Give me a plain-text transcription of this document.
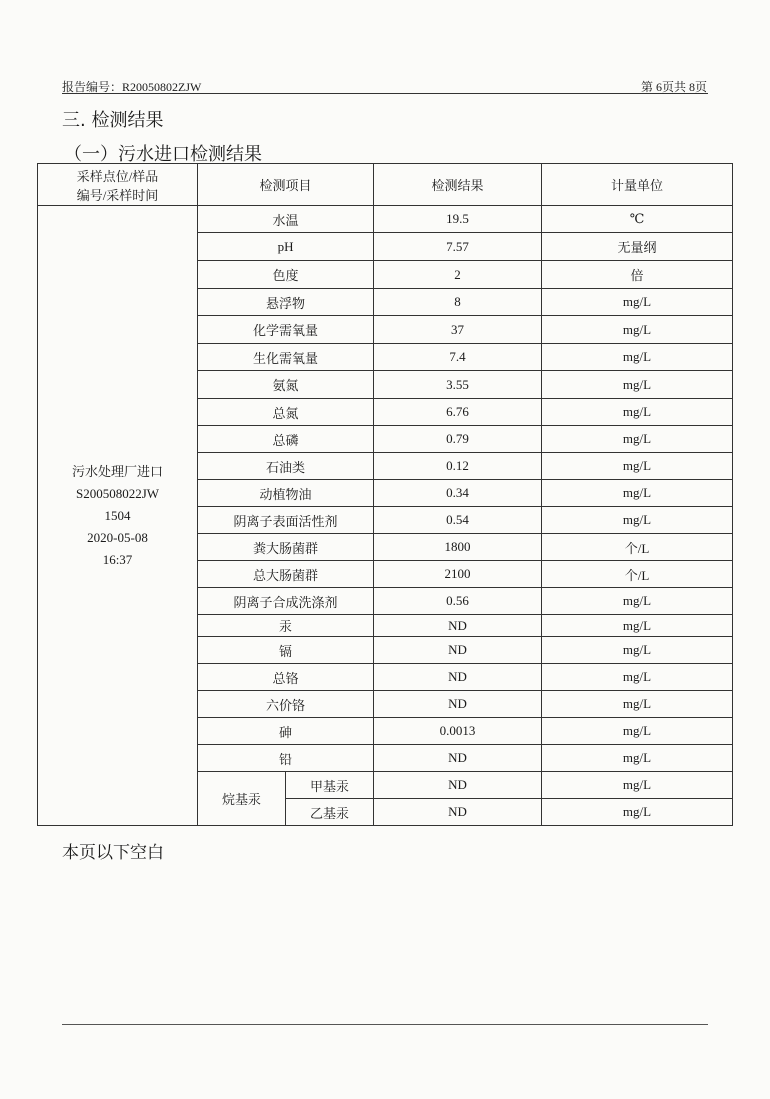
报告编号：R20050802ZJW	第 6页共 8页
三. 检测结果
（一）污水进口检测结果
采样点位/样品
编号/采样时间	检测项目		检测结果	计量单位

污水处理厂进口
S200508022JW
1504
2020-05-08
16:37	水温		19.5	℃
	pH		7.57	无量纲
	色度		2	倍
	悬浮物		8	mg/L
	化学需氧量		37	mg/L
	生化需氧量		7.4	mg/L
	氨氮		3.55	mg/L
	总氮		6.76	mg/L
	总磷		0.79	mg/L
	石油类		0.12	mg/L
	动植物油		0.34	mg/L
	阴离子表面活性剂		0.54	mg/L
	粪大肠菌群		1800	个/L
	总大肠菌群		2100	个/L
	阴离子合成洗涤剂		0.56	mg/L
	汞		ND	mg/L
	镉		ND	mg/L
	总铬		ND	mg/L
	六价铬		ND	mg/L
	砷		0.0013	mg/L
	铅		ND	mg/L
	烷基汞	甲基汞	ND	mg/L
		乙基汞	ND	mg/L
本页以下空白
